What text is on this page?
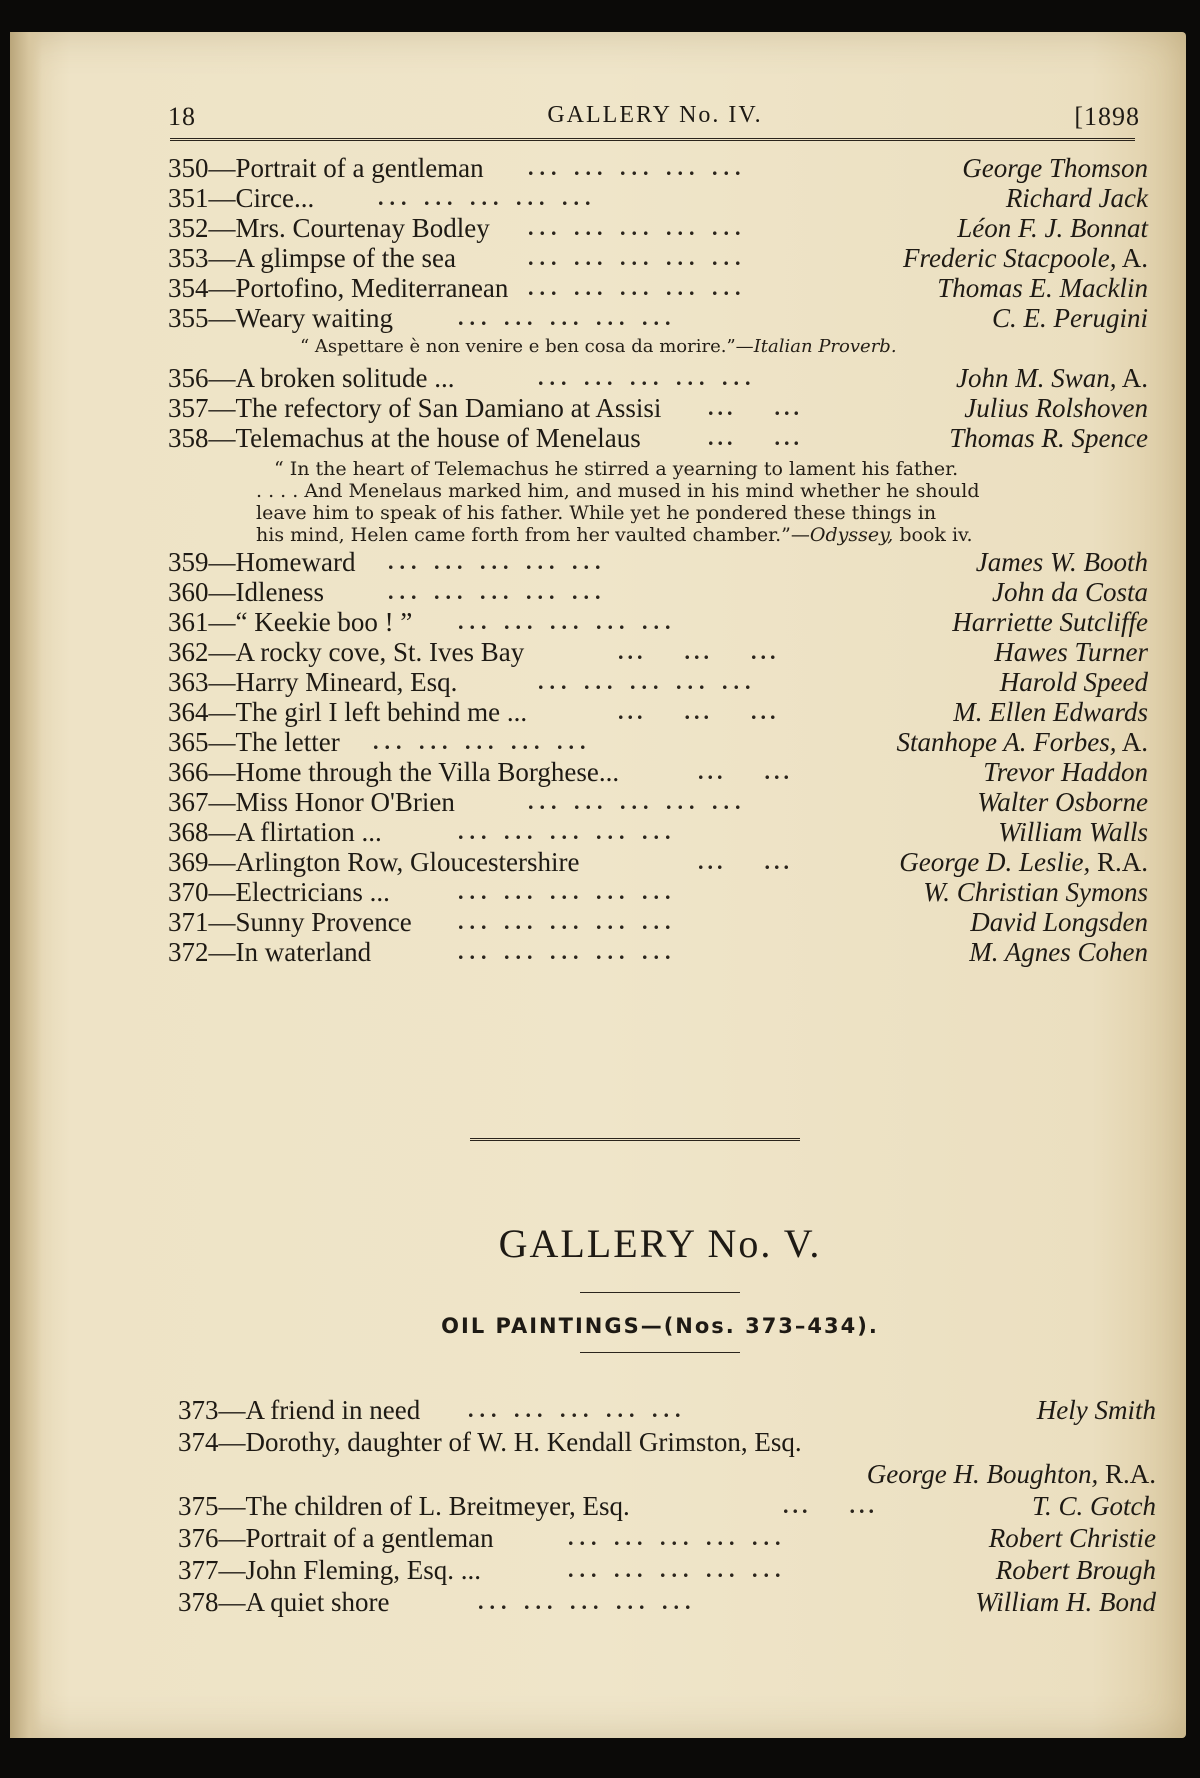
18	GALLERY No. IV.	[1898
350—Portrait of a gentleman ... ... ... ... ...	George Thomson
351—Circe...	... ... ... ... ...	Richard Jack
352—Mrs. Courtenay Bodley ... ... ... ... ...	Léon F. J. Bonnat
353—A glimpse of the sea	... ... ... ... ...	Frederic Stacpoole, A.
354—Portofino, Mediterranean ... ... ... ... ...	Thomas E. Macklin
355—Weary waiting	... ... ... ... ...	C. E. Perugini
“ Aspettare è non venire e ben cosa da morire.”—Italian Proverb.
356—A broken solitude ...	... ... ... ... ...	John M. Swan, A.
357—The refectory of San Damiano at Assisi ...    ...	Julius Rolshoven
358—Telemachus at the house of Menelaus	...    ...	Thomas R. Spence
“ In the heart of Telemachus he stirred a yearning to lament his father.
. . . . And Menelaus marked him, and mused in his mind whether he should
leave him to speak of his father. While yet he pondered these things in
his mind, Helen came forth from her vaulted chamber.”—Odyssey, book iv.
359—Homeward ... ... ... ... ...	James W. Booth
360—Idleness	... ... ... ... ...	John da Costa
361—“ Keekie boo ! ” ... ... ... ... ...	Harriette Sutcliffe
362—A rocky cove, St. Ives Bay	...    ...    ...	Hawes Turner
363—Harry Mineard, Esq.	... ... ... ... ...	Harold Speed
364—The girl I left behind me ...	...    ...    ...	M. Ellen Edwards
365—The letter ... ... ... ... ...	Stanhope A. Forbes, A.
366—Home through the Villa Borghese...	...    ...	Trevor Haddon
367—Miss Honor O'Brien	... ... ... ... ...	Walter Osborne
368—A flirtation ...	... ... ... ... ...	William Walls
369—Arlington Row, Gloucestershire	...    ...	George D. Leslie, R.A.
370—Electricians ...	... ... ... ... ...	W. Christian Symons
371—Sunny Provence ... ... ... ... ...	David Longsden
372—In waterland	... ... ... ... ...	M. Agnes Cohen
GALLERY No. V.
OIL PAINTINGS—(Nos. 373–434).
373—A friend in need ... ... ... ... ...	Hely Smith
374—Dorothy, daughter of W. H. Kendall Grimston, Esq.
George H. Boughton, R.A.
375—The children of L. Breitmeyer, Esq.	...    ...	T. C. Gotch
376—Portrait of a gentleman	... ... ... ... ...	Robert Christie
377—John Fleming, Esq. ...	... ... ... ... ...	Robert Brough
378—A quiet shore	... ... ... ... ...	William H. Bond
